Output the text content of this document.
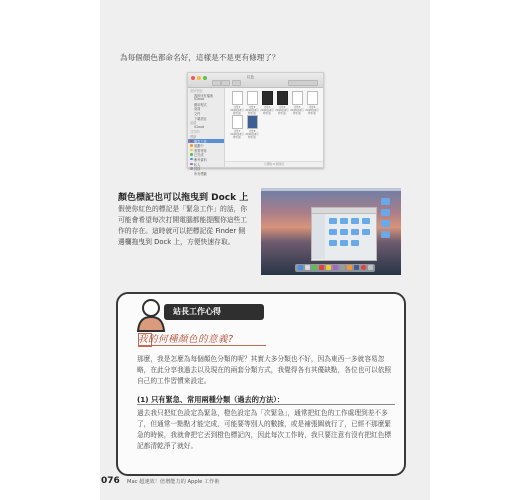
為每個顏色都命名好，這樣是不是更有條理了？
紅色
喜好項目
我的所有檔案
iCloud
應用程式
桌面
文件
下載項目
裝置
iCloud
共享的
標籤
緊急工作
規劃中
需要等待
已完成
參考資料
私人
封存
所有標籤
文件1 2016年8月修訂版
文件2 2016年8月修訂版
文件3 2016年8月修訂版
文件4 2016年8月修訂版
文件5 2016年8月修訂版
文件6 2016年8月修訂版
文件7 2016年8月修訂版
文件8 2016年8月修訂版
已選取 8 個項目
顏色標記也可以拖曳到 Dock 上
假使你紅色的標記是「緊急工作」的話，你
可能會希望每次打開電腦都能提醒你這些工
作的存在。這時就可以把標記從 Finder 側
邊欄拖曳到 Dock 上，方便快速存取。
站長工作心得
我的何種顏色的意義?
那麼，我是怎麼為每個顏色分類的呢？其實大多分類也不好，因為東西一多就容易忽
略，在此分享我過去以及現在的兩套分類方式，我覺得各有其優缺點，各位也可以依照
自己的工作習慣來設定。
(1) 只有緊急、常用兩種分類（過去的方法）：
過去我只把紅色設定為緊急，橙色設定為「次緊急」，通常把紅色的工作處理到差不多
了，但通常一點點才能完成，可能要等別人的數據，或是補張圖就行了，已經不那麼緊
急的時候，我就會把它丟到橙色標記內，因此每次工作時，我只要注意有沒有把紅色標
記都清乾淨了就好。
076 Mac 超速效！倍增能力的 Apple 工作術
